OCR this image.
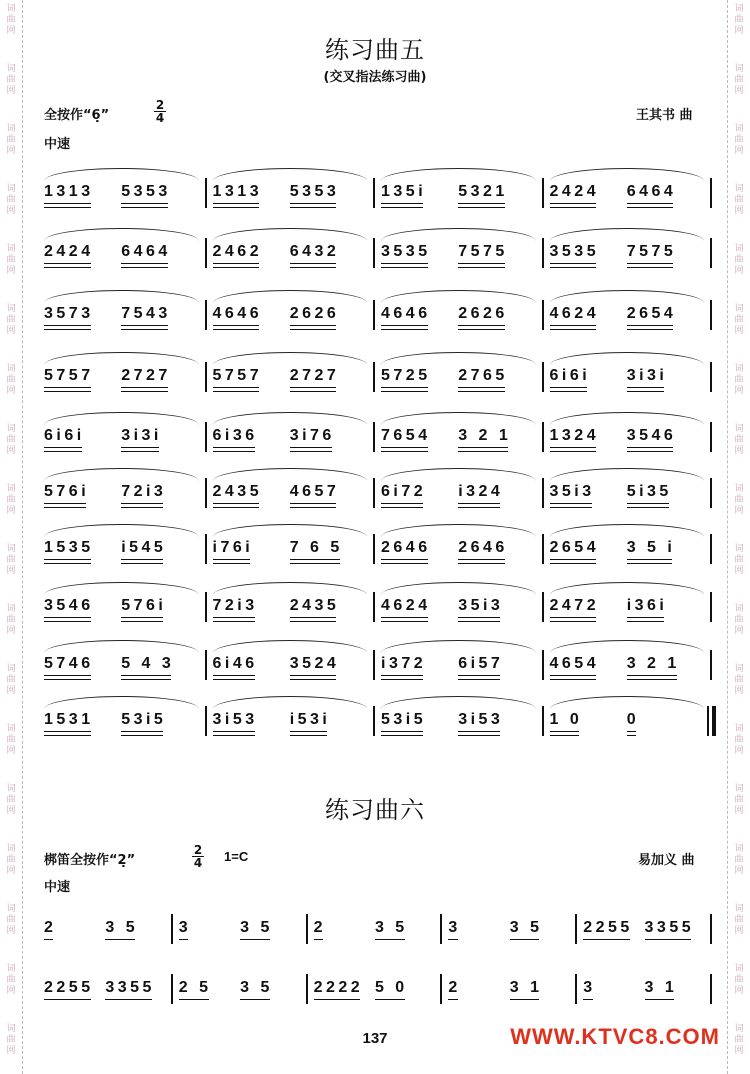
词
曲
网
词
曲
网
词
曲
网
词
曲
网
词
曲
网
词
曲
网
词
曲
网
词
曲
网
词
曲
网
词
曲
网
词
曲
网
词
曲
网
词
曲
网
词
曲
网
词
曲
网
词
曲
网
词
曲
网
词
曲
网
词
曲
网
词
曲
网
词
曲
网
词
曲
网
词
曲
网
词
曲
网
词
曲
网
词
曲
网
词
曲
网
词
曲
网
词
曲
网
词
曲
网
词
曲
网
词
曲
网
词
曲
网
词
曲
网
词
曲
网
词
曲
网
练习曲五
(交叉指法练习曲)
全按作“6̣”
2
4
中速
王其书 曲
1313 5353	1313 5353	135i 5321	2424 6464
2424 6464	2462 6432	3535 7575	3535 7575
3573 7543	4646 2626	4646 2626	4624 2654
5757 2727	5757 2727	5725 2765	6i6i 3i3i
6i6i 3i3i	6i36 3i76	7654 3 2 1 1324 3546
576i 72i3	2435 4657	6i72 i324	35i3 5i35
1535 i545	i76i 7 6 5 2646 2646	2654 3 5 i
3546 576i	72i3 2435	4624 35i3	2472 i36i
5746 5 4 3 6i46 3524	i372 6i57	4654 3 2 1
1531 53i5	3i53 i53i	53i5 3i53	1 0	0
练习曲六
梆笛全按作“2̣”
2
4 1=C
中速
易加义 曲
2	3 5	3	3 5	2	3 5	3	3 5	2255 3355
2255 3355 2 5 3 5	2222 5 0	2	3 1	3	3 1
137	WWW.KTVC8.COM
